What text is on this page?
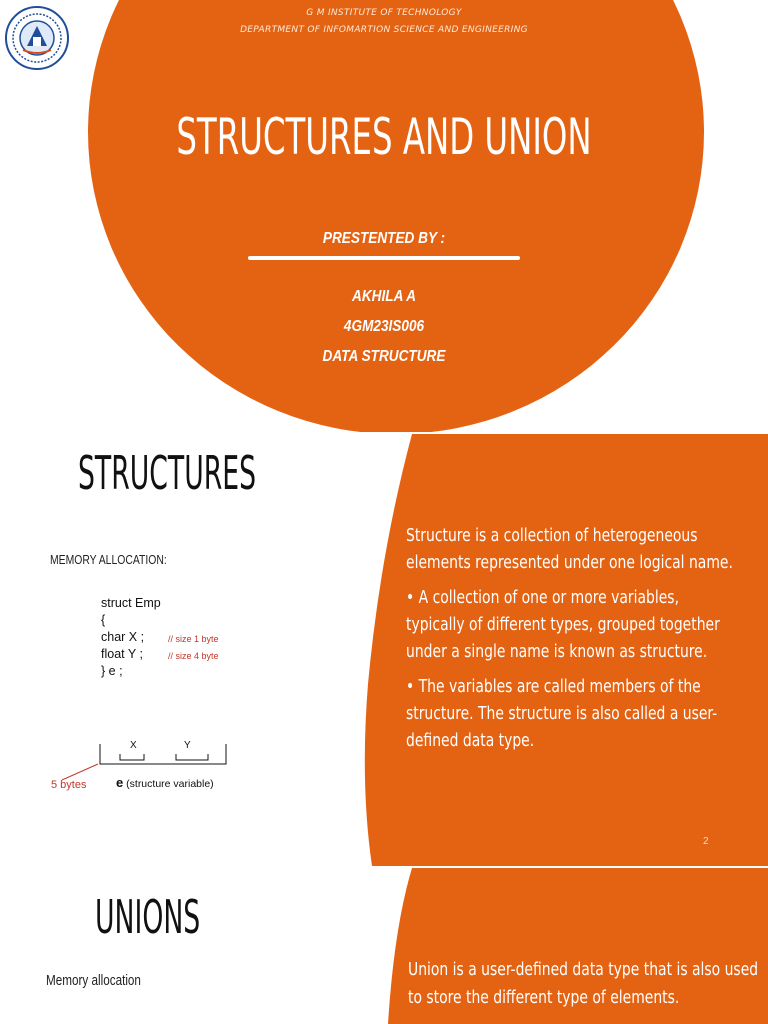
G M INSTITUTE OF TECHNOLOGY
DEPARTMENT OF INFOMARTION SCIENCE AND ENGINEERING
STRUCTURES AND UNION
PRESTENTED BY :
AKHILA A
4GM23IS006
DATA STRUCTURE
STRUCTURES
MEMORY ALLOCATION:
struct Emp
{
char X ;
float Y ;
} e ;
// size 1 byte
// size 4 byte
X	Y
5 bytes e (structure variable)
Structure is a collection of heterogeneous
elements represented under one logical name.
• A collection of one or more variables,
typically of different types, grouped together
under a single name is known as structure.
• The variables are called members of the
structure. The structure is also called a user-
defined data type.
2
UNIONS
Memory allocation
Union is a user-defined data type that is also used
to store the different type of elements.
